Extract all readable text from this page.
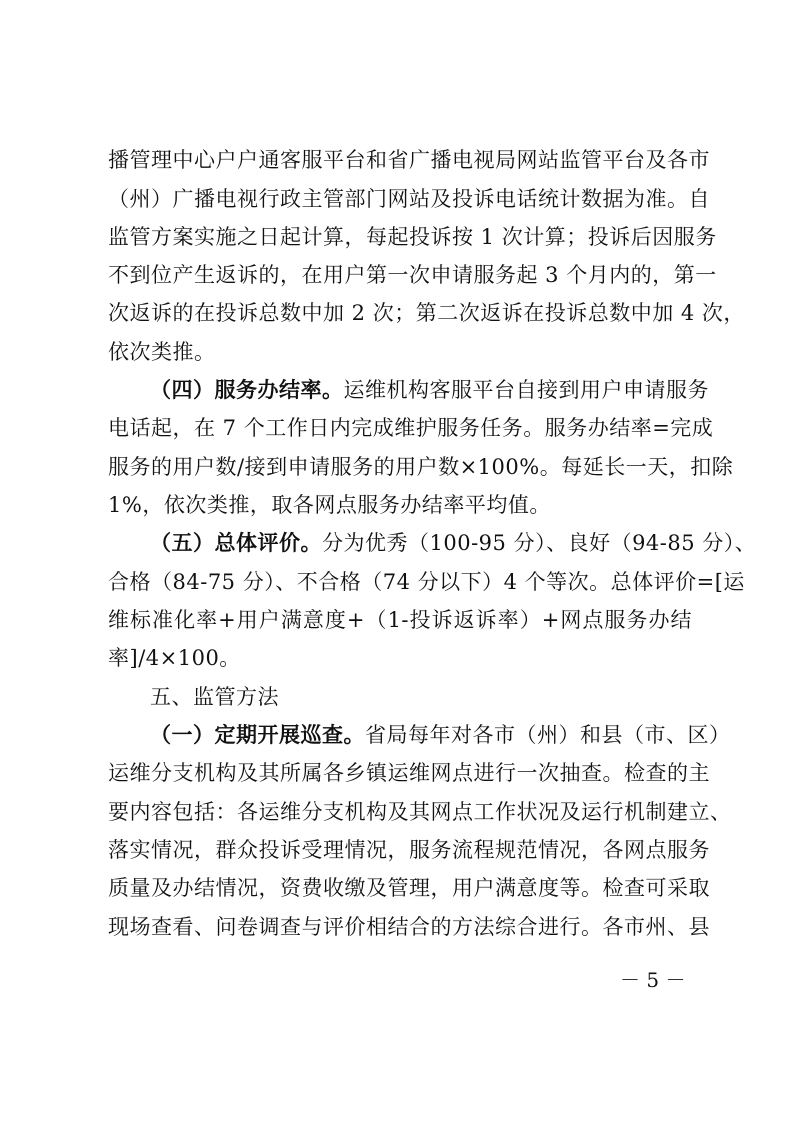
播管理中心户户通客服平台和省广播电视局网站监管平台及各市
（州）广播电视行政主管部门网站及投诉电话统计数据为准。自
监管方案实施之日起计算，每起投诉按 1 次计算；投诉后因服务
不到位产生返诉的，在用户第一次申请服务起 3 个月内的，第一
次返诉的在投诉总数中加 2 次；第二次返诉在投诉总数中加 4 次，
依次类推。
（四）服务办结率。运维机构客服平台自接到用户申请服务
电话起，在 7 个工作日内完成维护服务任务。服务办结率=完成
服务的用户数/接到申请服务的用户数×100%。每延长一天，扣除
1%，依次类推，取各网点服务办结率平均值。
（五）总体评价。分为优秀（100-95 分）、良好（94-85 分）、
合格（84-75 分）、不合格（74 分以下）4 个等次。总体评价=[运
维标准化率+用户满意度+（1-投诉返诉率）+网点服务办结
率]/4×100。
五、监管方法
（一）定期开展巡查。省局每年对各市（州）和县（市、区）
运维分支机构及其所属各乡镇运维网点进行一次抽查。检查的主
要内容包括：各运维分支机构及其网点工作状况及运行机制建立、
落实情况，群众投诉受理情况，服务流程规范情况，各网点服务
质量及办结情况，资费收缴及管理，用户满意度等。检查可采取
现场查看、问卷调查与评价相结合的方法综合进行。各市州、县
－ 5 －
